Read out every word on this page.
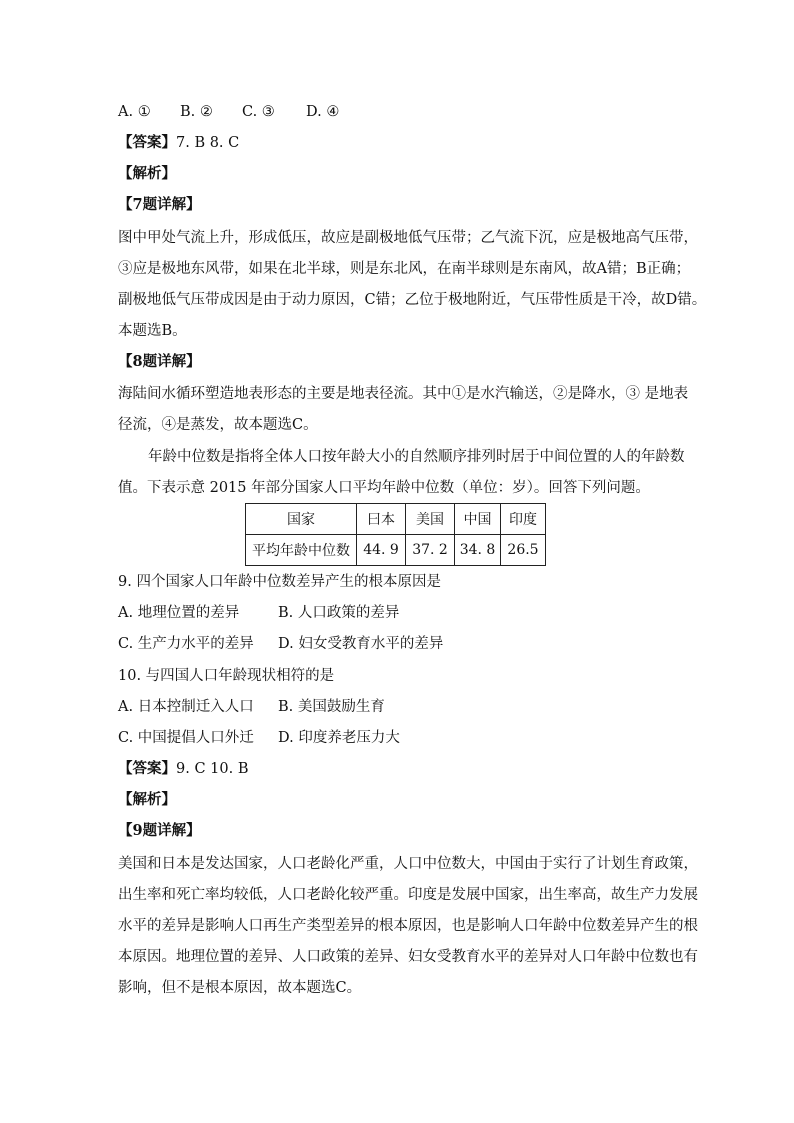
A. ① B. ② C. ③ D. ④
【答案】7. B 8. C
【解析】
【7题详解】
图中甲处气流上升，形成低压，故应是副极地低气压带；乙气流下沉，应是极地高气压带，
③应是极地东风带，如果在北半球，则是东北风，在南半球则是东南风，故A错；B正确；
副极地低气压带成因是由于动力原因，C错；乙位于极地附近，气压带性质是干冷，故D错。
本题选B。
【8题详解】
海陆间水循环塑造地表形态的主要是地表径流。其中①是水汽输送，②是降水，③ 是地表
径流，④是蒸发，故本题选C。
年龄中位数是指将全体人口按年龄大小的自然顺序排列时居于中间位置的人的年龄数
值。下表示意 2015 年部分国家人口平均年龄中位数（单位：岁）。回答下列问题。
国家	曰本	美国	中国	印度
平均年龄中位数	44. 9	37. 2	34. 8	26.5
9. 四个国家人口年龄中位数差异产生的根本原因是
A. 地理位置的差异	B. 人口政策的差异
C. 生产力水平的差异 D. 妇女受教育水平的差异
10. 与四国人口年龄现状相符的是
A. 日本控制迁入人口 B. 美国鼓励生育
C. 中国提倡人口外迁 D. 印度养老压力大
【答案】9. C 10. B
【解析】
【9题详解】
美国和日本是发达国家，人口老龄化严重，人口中位数大，中国由于实行了计划生育政策，
出生率和死亡率均较低，人口老龄化较严重。印度是发展中国家，出生率高，故生产力发展
水平的差异是影响人口再生产类型差异的根本原因，也是影响人口年龄中位数差异产生的根
本原因。地理位置的差异、人口政策的差异、妇女受教育水平的差异对人口年龄中位数也有
影响，但不是根本原因，故本题选C。
